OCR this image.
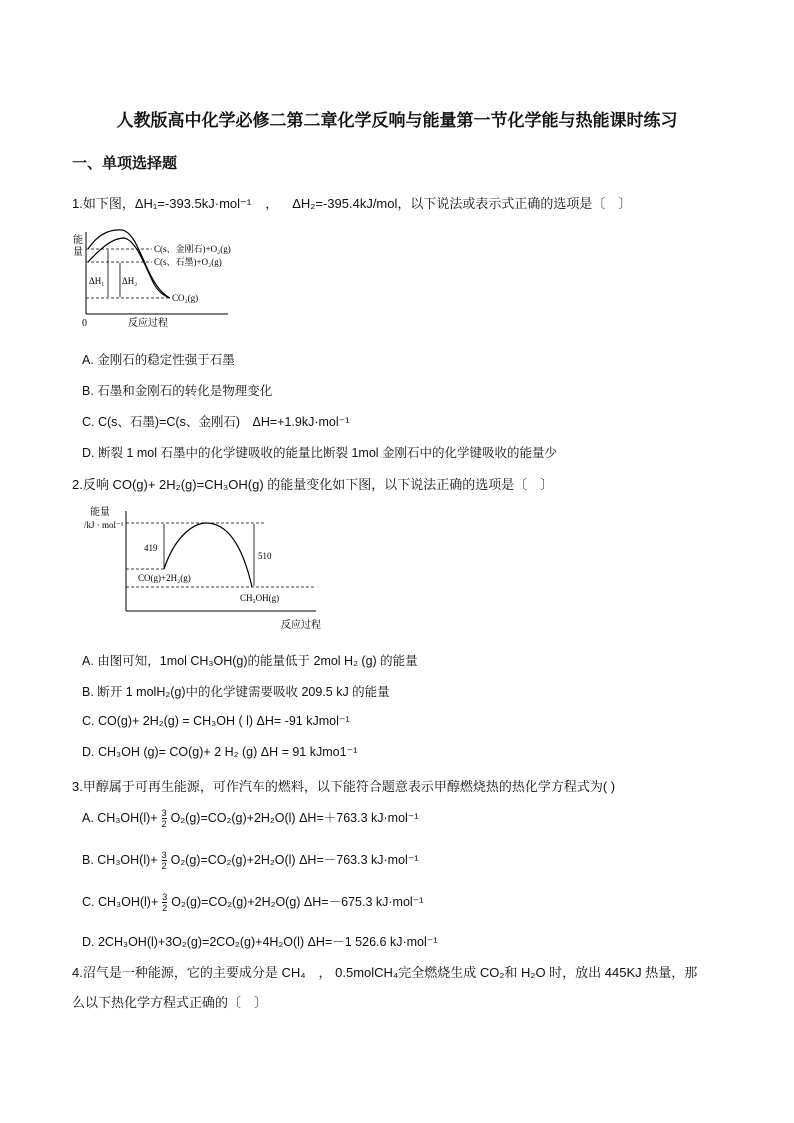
人教版高中化学必修二第二章化学反响与能量第一节化学能与热能课时练习
一、单项选择题
1.如下图，ΔH₁=-393.5kJ·mol⁻¹ ， ΔH₂=-395.4kJ/mol，以下说法或表示式正确的选项是〔　〕
能
量
0	反应过程
ΔH₁ ΔH₂
C(s、金刚石)+O₂(g)
C(s、石墨)+O₂(g)
CO₂(g)
A. 金刚石的稳定性强于石墨
B. 石墨和金刚石的转化是物理变化
C. C(s、石墨)=C(s、金刚石)　ΔH=+1.9kJ·mol⁻¹
D. 断裂 1 mol 石墨中的化学键吸收的能量比断裂 1mol 金刚石中的化学键吸收的能量少
2.反响 CO(g)+ 2H₂(g)=CH₃OH(g) 的能量变化如下图，以下说法正确的选项是〔　〕
能量
/kJ · mol⁻¹
反应过程
419
510
CO(g)+2H₂(g)
CH₃OH(g)
A. 由图可知，1mol CH₃OH(g)的能量低于 2mol H₂ (g) 的能量
B. 断开 1 molH₂(g)中的化学键需要吸收 209.5 kJ 的能量
C. CO(g)+ 2H₂(g) = CH₃OH ( l) ΔH= -91 kJmol⁻¹
D. CH₃OH (g)= CO(g)+ 2 H₂ (g) ΔH = 91 kJmo1⁻¹
3.甲醇属于可再生能源，可作汽车的燃料，以下能符合题意表示甲醇燃烧热的热化学方程式为( )
A. $CH_3OH(l)+ \frac{3}{2} O_2(g)=CO_2(g)+2H_2O(l)$ ΔH=＋763.3 kJ·mol⁻¹
B. $CH_3OH(l)+ \frac{3}{2} O_2(g)=CO_2(g)+2H_2O(l)$ ΔH=－763.3 kJ·mol⁻¹
C. $CH_3OH(l)+ \frac{3}{2} O_2(g)=CO_2(g)+2H_2O(g)$ ΔH=－675.3 kJ·mol⁻¹
D. 2CH₃OH(l)+3O₂(g)=2CO₂(g)+4H₂O(l) ΔH=－1 526.6 kJ·mol⁻¹
4.沼气是一种能源，它的主要成分是 CH₄　， 0.5molCH₄完全燃烧生成 CO₂和 H₂O 时，放出 445KJ 热量，那
么以下热化学方程式正确的〔　〕
